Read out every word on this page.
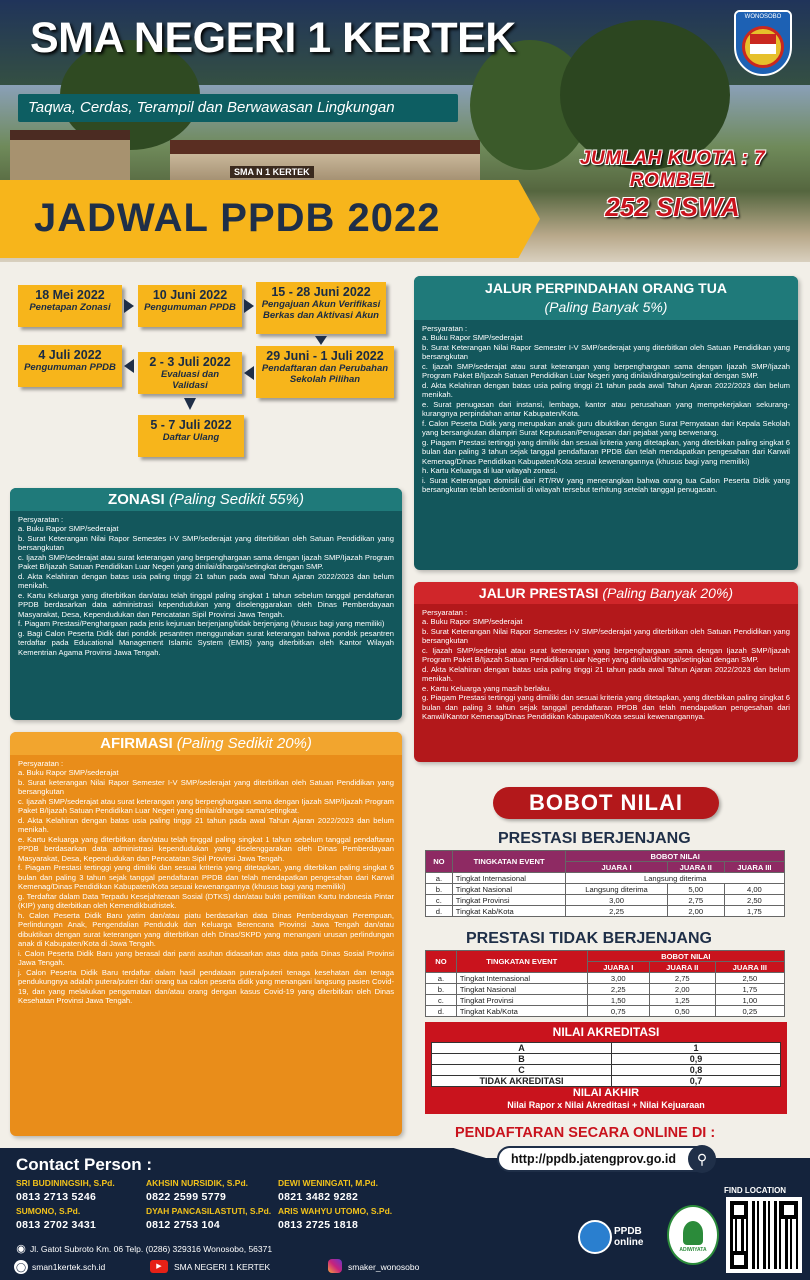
SMA N 1 KERTEK
SMA NEGERI 1 KERTEK
Taqwa, Cerdas, Terampil dan Berwawasan Lingkungan
WONOSOBO
JUMLAH KUOTA : 7 ROMBEL
252 SISWA
JADWAL PPDB 2022
18 Mei 2022
Penetapan Zonasi
10 Juni 2022
Pengumuman PPDB
15 - 28 Juni 2022
Pengajuan Akun Verifikasi Berkas dan Aktivasi Akun
4 Juli 2022
Pengumuman PPDB	2 - 3 Juli 2022
Evaluasi dan Validasi
29 Juni - 1 Juli 2022
Pendaftaran dan Perubahan Sekolah Pilihan
5 - 7 Juli 2022
Daftar Ulang
ZONASI (Paling Sedikit 55%)

Persyaratan :

a. Buku Rapor SMP/sederajat

b. Surat Keterangan Nilai Rapor Semestes I-V SMP/sederajat yang diterbitkan oleh Satuan Pendidikan yang bersangkutan

c. Ijazah SMP/sederajat atau surat keterangan yang berpenghargaan sama dengan Ijazah SMP/Ijazah Program Paket B/Ijazah Satuan Pendidikan Luar Negeri yang dinilai/dihargai/setingkat dengan SMP.

d. Akta Kelahiran dengan batas usia paling tinggi 21 tahun pada awal Tahun Ajaran 2022/2023 dan belum menikah.

e. Kartu Keluarga yang diterbitkan dan/atau telah tinggal paling singkat 1 tahun sebelum tanggal pendaftaran PPDB berdasarkan data administrasi kependudukan yang diselenggarakan oleh Dinas Pemberdayaan Masyarakat, Desa, Kependudukan dan Pencatatan Sipil Provinsi Jawa Tengah.

f. Piagam Prestasi/Penghargaan pada jenis kejuruan berjenjang/tidak berjenjang (khusus bagi yang memiliki)

g. Bagi Calon Peserta Didik dari pondok pesantren menggunakan surat keterangan bahwa pondok pesantren terdaftar pada Educational Management Islamic System (EMIS) yang diterbitkan oleh Kantor Wilayah Kementrian Agama Provinsi Jawa Tengah.

AFIRMASI (Paling Sedikit 20%)

Persyaratan :

a. Buku Rapor SMP/sederajat

b. Surat keterangan Nilai Rapor Semester I-V SMP/sederajat yang diterbitkan oleh Satuan Pendidikan yang bersangkutan

c. Ijazah SMP/sederajat atau surat keterangan yang berpenghargaan sama dengan Ijazah SMP/Ijazah Program Paket B/Ijazah Satuan Pendidikan Luar Negeri yang dinilai/dihargai sama/setingkat.

d. Akta Kelahiran dengan batas usia paling tinggi 21 tahun pada awal Tahun Ajaran 2022/2023 dan belum menikah.

e. Kartu Keluarga yang diterbitkan dan/atau telah tinggal paling singkat 1 tahun sebelum tanggal pendaftaran PPDB berdasarkan data administrasi kependudukan yang diselenggarakan oleh Dinas Pemberdayaan Masyarakat, Desa, Kependudukan dan Pencatatan Sipil Provinsi Jawa Tengah.

f. Piagam Prestasi tertinggi yang dimiliki dan sesuai kriteria yang ditetapkan, yang diterbikan paling singkat 6 bulan dan paling 3 tahun sejak tanggal pendaftaran PPDB dan telah mendapatkan pengesahan dari Kanwil Kemenag/Dinas Pendidikan Kabupaten/Kota sesuai kewenangannya (khusus bagi yang memiliki)

g. Terdaftar dalam Data Terpadu Kesejahteraan Sosial (DTKS) dan/atau bukti pemilikan Kartu Indonesia Pintar (KIP) yang diterbitkan oleh Kemendikbudristek.

h. Calon Peserta Didik Baru yatim dan/atau piatu berdasarkan data Dinas Pemberdayaan Perempuan, Perlindungan Anak, Pengendalian Penduduk dan Keluarga Berencana Provinsi Jawa Tengah dan/atau dibuktikan dengan surat keterangan yang diterbitkan oleh Dinas/SKPD yang menangani urusan perlindungan anak di Kabupaten/Kota di Jawa Tengah.

i. Calon Peserta Didik Baru yang berasal dari panti asuhan didasarkan atas data pada Dinas Sosial Provinsi Jawa Tengah.

j. Calon Peserta Didik Baru terdaftar dalam hasil pendataan putera/puteri tenaga kesehatan dan tenaga pendukungnya adalah putera/puteri dari orang tua calon peserta didik yang menangani langsung pasien Covid-19, dan yang melakukan pengamatan dan/atau orang dengan kasus Covid-19 yang diterbitkan oleh Dinas Kesehatan Provinsi Jawa Tengah.

JALUR PERPINDAHAN ORANG TUA
(Paling Banyak 5%)

Persyaratan :

a. Buku Rapor SMP/sederajat

b. Surat Keterangan Nilai Rapor Semester I-V SMP/sederajat yang diterbitkan oleh Satuan Pendidikan yang bersangkutan

c. Ijazah SMP/sederajat atau surat keterangan yang berpenghargaan sama dengan Ijazah SMP/Ijazah Program Paket B/Ijazah Satuan Pendidikan Luar Negeri yang dinilai/dihargai/setingkat dengan SMP.

d. Akta Kelahiran dengan batas usia paling tinggi 21 tahun pada awal Tahun Ajaran 2022/2023 dan belum menikah.

e. Surat penugasan dari instansi, lembaga, kantor atau perusahaan yang mempekerjakan sekurang-kurangnya perpindahan antar Kabupaten/Kota.

f. Calon Peserta Didik yang merupakan anak guru dibuktikan dengan Surat Pernyataan dari Kepala Sekolah yang bersangkutan dilampiri Surat Keputusan/Penugasan dari pejabat yang berwenang.

g. Piagam Prestasi tertinggi yang dimiliki dan sesuai kriteria yang ditetapkan, yang diterbikan paling singkat 6 bulan dan paling 3 tahun sejak tanggal pendaftaran PPDB dan telah mendapatkan pengesahan dari Kanwil Kemenag/Dinas Pendidikan Kabupaten/Kota sesuai kewenangannya (khusus bagi yang memiliki)

h. Kartu Keluarga di luar wilayah zonasi.

i. Surat Keterangan domisili dari RT/RW yang menerangkan bahwa orang tua Calon Peserta Didik yang bersangkutan telah berdomisili di wilayah tersebut terhitung setelah tanggal penugasan.

JALUR PRESTASI (Paling Banyak 20%)

Persyaratan :

a. Buku Rapor SMP/sederajat

b. Surat Keterangan Nilai Rapor Semestes I-V SMP/sederajat yang diterbitkan oleh Satuan Pendidikan yang bersangkutan

c. Ijazah SMP/sederajat atau surat keterangan yang berpenghargaan sama dengan Ijazah SMP/Ijazah Program Paket B/Ijazah Satuan Pendidikan Luar Negeri yang dinilai/dihargai/setingkat dengan SMP.

d. Akta Kelahiran dengan batas usia paling tinggi 21 tahun pada awal Tahun Ajaran 2022/2023 dan belum menikah.

e. Kartu Keluarga yang masih berlaku.

g. Piagam Prestasi tertinggi yang dimiliki dan sesuai kriteria yang ditetapkan, yang diterbikan paling singkat 6 bulan dan paling 3 tahun sejak tanggal pendaftaran PPDB dan telah mendapatkan pengesahan dari Kanwil/Kantor Kemenag/Dinas Pendidikan Kabupaten/Kota sesuai kewenangannya.

BOBOT NILAI
PRESTASI BERJENJANG
NO	TINGKATAN EVENT	BOBOT NILAI		
		JUARA I	JUARA II	JUARA III
a.	Tingkat Internasional	Langsung diterima		
b.	Tingkat Nasional	Langsung diterima	5,00	4,00
c.	Tingkat Provinsi	3,00	2,75	2,50
d.	Tingkat Kab/Kota	2,25	2,00	1,75
PRESTASI TIDAK BERJENJANG
NO	TINGKATAN EVENT	BOBOT NILAI		
		JUARA I	JUARA II	JUARA III
a.	Tingkat Internasional	3,00	2,75	2,50
b.	Tingkat Nasional	2,25	2,00	1,75
c.	Tingkat Provinsi	1,50	1,25	1,00
d.	Tingkat Kab/Kota	0,75	0,50	0,25
NILAI AKREDITASI
A	1
B	0,9
C	0,8
TIDAK AKREDITASI	0,7
NILAI AKHIR
Nilai Rapor x Nilai Akreditasi + Nilai Kejuaraan
PENDAFTARAN SECARA ONLINE DI :
http://ppdb.jatengprov.go.id	⚲
Contact Person :
SRI BUDININGSIH, S.Pd.
0813 2713 5246
AKHSIN NURSIDIK, S.Pd.
0822 2599 5779
DEWI WENINGATI, M.Pd.
0821 3482 9282
SUMONO, S.Pd.
0813 2702 3431
DYAH PANCASILASTUTI, S.Pd.
0812 2753 104
ARIS WAHYU UTOMO, S.Pd.
0813 2725 1818
◉ Jl. Gatot Subroto Km. 06 Telp. (0286) 329316 Wonosobo, 56371
◯ sman1kertek.sch.id	▶	SMA NEGERI 1 KERTEK	smaker_wonosobo
PPDB online
ADIWIYATA
FIND LOCATION
